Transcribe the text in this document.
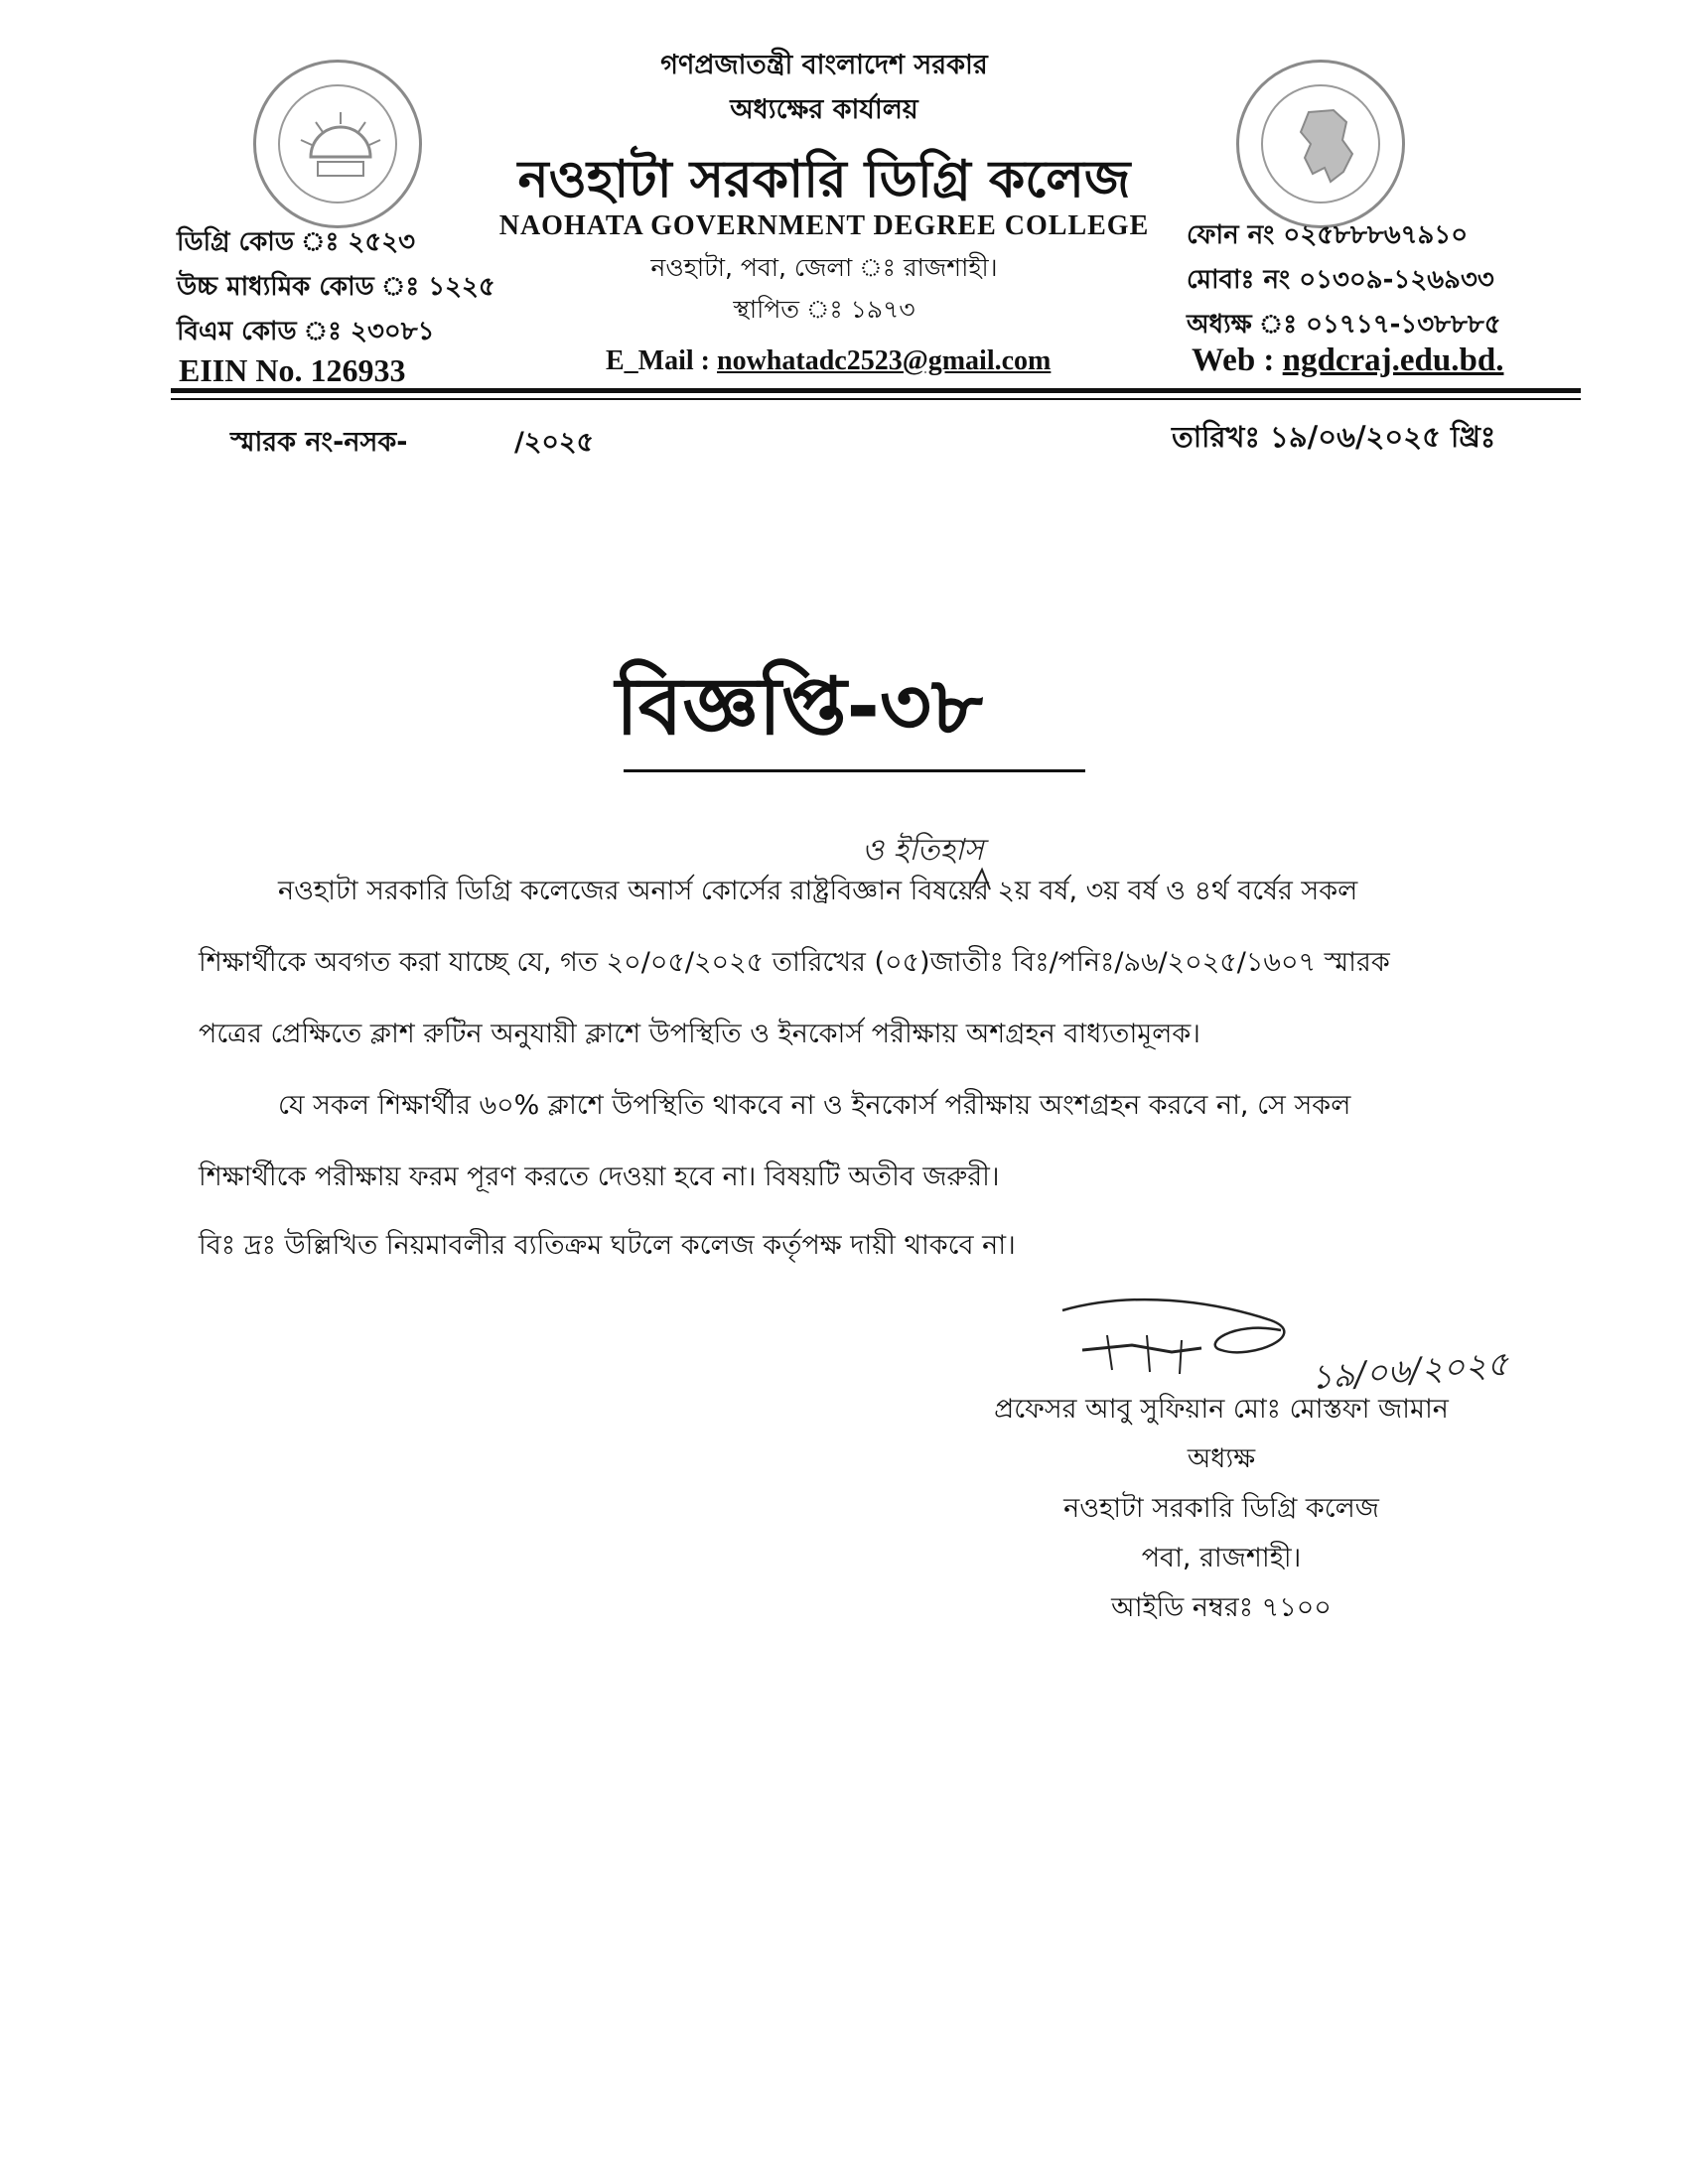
গণপ্রজাতন্ত্রী বাংলাদেশ সরকার
অধ্যক্ষের কার্যালয়
নওহাটা সরকারি ডিগ্রি কলেজ
NAOHATA GOVERNMENT DEGREE COLLEGE
নওহাটা, পবা, জেলা ঃ রাজশাহী।
স্থাপিত ঃ ১৯৭৩
E_Mail : nowhatadc2523@gmail.com
ডিগ্রি কোড ঃ ২৫২৩
উচ্চ মাধ্যমিক কোড ঃ ১২২৫
বিএম কোড ঃ ২৩০৮১
EIIN No. 126933
ফোন নং ০২৫৮৮৮৬৭৯১০
মোবাঃ নং ০১৩০৯-১২৬৯৩৩
অধ্যক্ষ ঃ ০১৭১৭-১৩৮৮৮৫
Web : ngdcraj.edu.bd.
স্মারক নং-নসক-	/২০২৫	তারিখঃ ১৯/০৬/২০২৫ খ্রিঃ
বিজ্ঞপ্তি-৩৮
ও ইতিহাস
নওহাটা সরকারি ডিগ্রি কলেজের অনার্স কোর্সের রাষ্ট্রবিজ্ঞান বিষয়ের ২য় বর্ষ, ৩য় বর্ষ ও ৪র্থ বর্ষের সকল
শিক্ষার্থীকে অবগত করা যাচ্ছে যে, গত ২০/০৫/২০২৫ তারিখের (০৫)জাতীঃ বিঃ/পনিঃ/৯৬/২০২৫/১৬০৭ স্মারক
পত্রের প্রেক্ষিতে ক্লাশ রুটিন অনুযায়ী ক্লাশে উপস্থিতি ও ইনকোর্স পরীক্ষায় অশগ্রহন বাধ্যতামূলক।
যে সকল শিক্ষার্থীর ৬০% ক্লাশে উপস্থিতি থাকবে না ও ইনকোর্স পরীক্ষায় অংশগ্রহন করবে না, সে সকল
শিক্ষার্থীকে পরীক্ষায় ফরম পূরণ করতে দেওয়া হবে না। বিষয়টি অতীব জরুরী।
বিঃ দ্রঃ উল্লিখিত নিয়মাবলীর ব্যতিক্রম ঘটলে কলেজ কর্তৃপক্ষ দায়ী থাকবে না।
১৯/০৬/২০২৫
প্রফেসর আবু সুফিয়ান মোঃ মোস্তফা জামান
অধ্যক্ষ
নওহাটা সরকারি ডিগ্রি কলেজ
পবা, রাজশাহী।
আইডি নম্বরঃ ৭১০০
